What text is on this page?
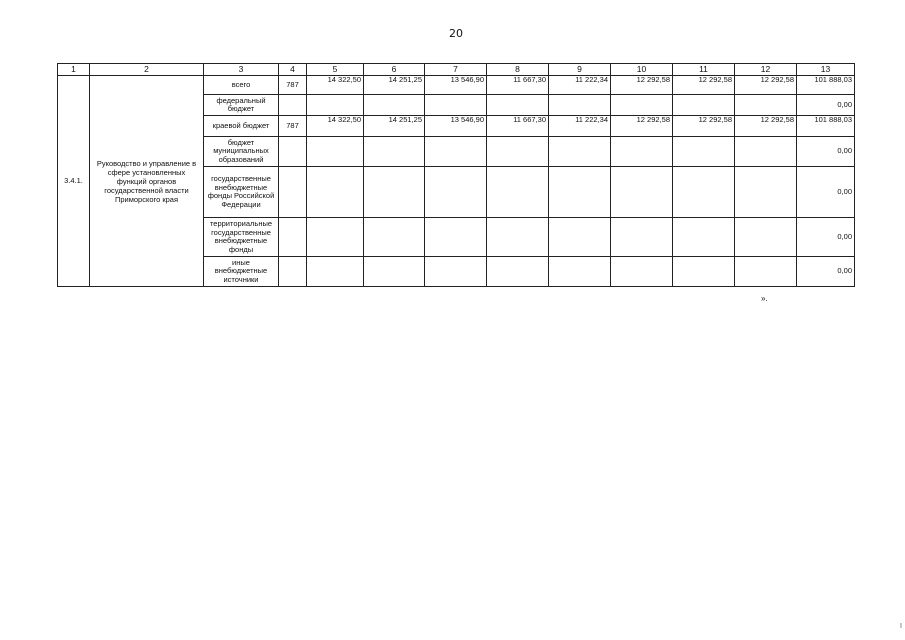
20
1	2	3	4	5	6	7	8	9	10	11	12	13
3.4.1.	Руководство и управление в сфере установленных функций органов государственной власти Приморского края	всего	787	14 322,50	14 251,25	13 546,90	11 667,30	11 222,34	12 292,58	12 292,58	12 292,58	101 888,03
		федеральный бюджет										0,00
		краевой бюджет	787	14 322,50	14 251,25	13 546,90	11 667,30	11 222,34	12 292,58	12 292,58	12 292,58	101 888,03
		бюджет муниципальных образований										0,00
		государственные внебюджетные фонды Российской Федерации										0,00
		территориальные государственные внебюджетные фонды										0,00
		иные внебюджетные источники										0,00
».
I
